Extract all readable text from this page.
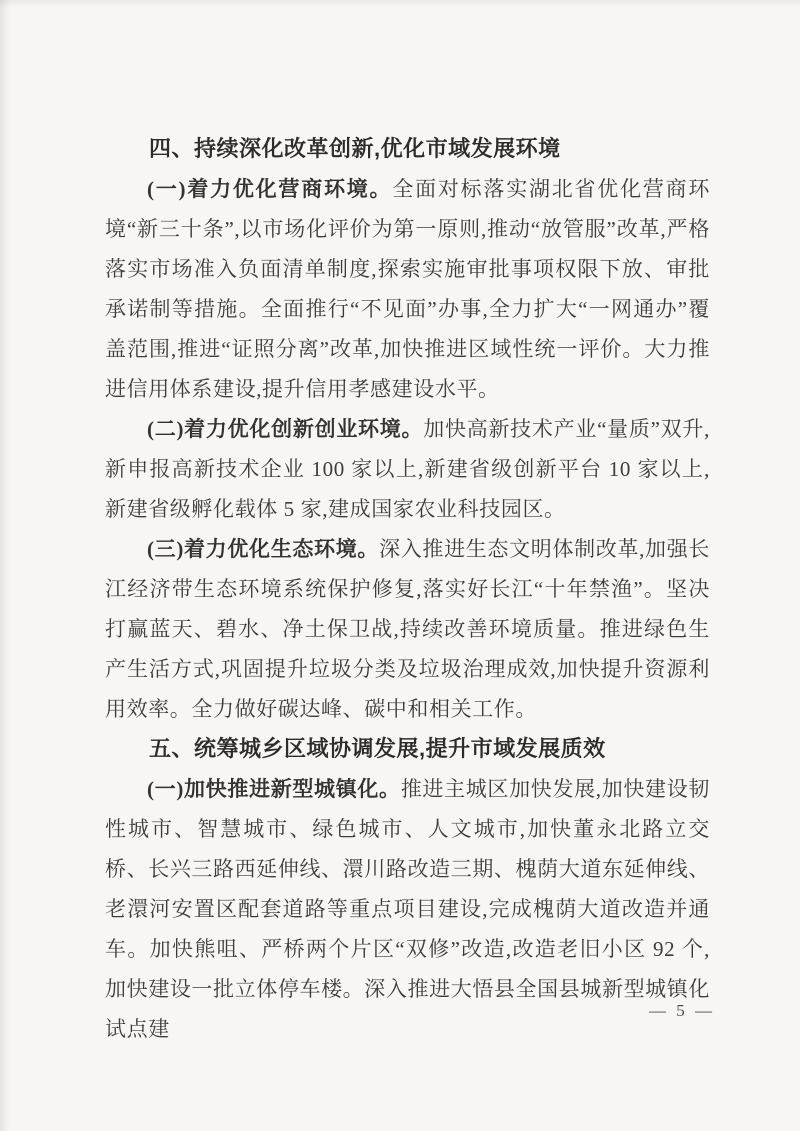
四、持续深化改革创新,优化市域发展环境

(一)着力优化营商环境。全面对标落实湖北省优化营商环境“新三十条”,以市场化评价为第一原则,推动“放管服”改革,严格落实市场准入负面清单制度,探索实施审批事项权限下放、审批承诺制等措施。全面推行“不见面”办事,全力扩大“一网通办”覆盖范围,推进“证照分离”改革,加快推进区域性统一评价。大力推进信用体系建设,提升信用孝感建设水平。

(二)着力优化创新创业环境。加快高新技术产业“量质”双升,新申报高新技术企业 100 家以上,新建省级创新平台 10 家以上,新建省级孵化载体 5 家,建成国家农业科技园区。

(三)着力优化生态环境。深入推进生态文明体制改革,加强长江经济带生态环境系统保护修复,落实好长江“十年禁渔”。坚决打赢蓝天、碧水、净土保卫战,持续改善环境质量。推进绿色生产生活方式,巩固提升垃圾分类及垃圾治理成效,加快提升资源利用效率。全力做好碳达峰、碳中和相关工作。

五、统筹城乡区域协调发展,提升市域发展质效

(一)加快推进新型城镇化。推进主城区加快发展,加快建设韧性城市、智慧城市、绿色城市、人文城市,加快董永北路立交桥、长兴三路西延伸线、澴川路改造三期、槐荫大道东延伸线、老澴河安置区配套道路等重点项目建设,完成槐荫大道改造并通车。加快熊咀、严桥两个片区“双修”改造,改造老旧小区 92 个,加快建设一批立体停车楼。深入推进大悟县全国县城新型城镇化试点建

— 5 —
